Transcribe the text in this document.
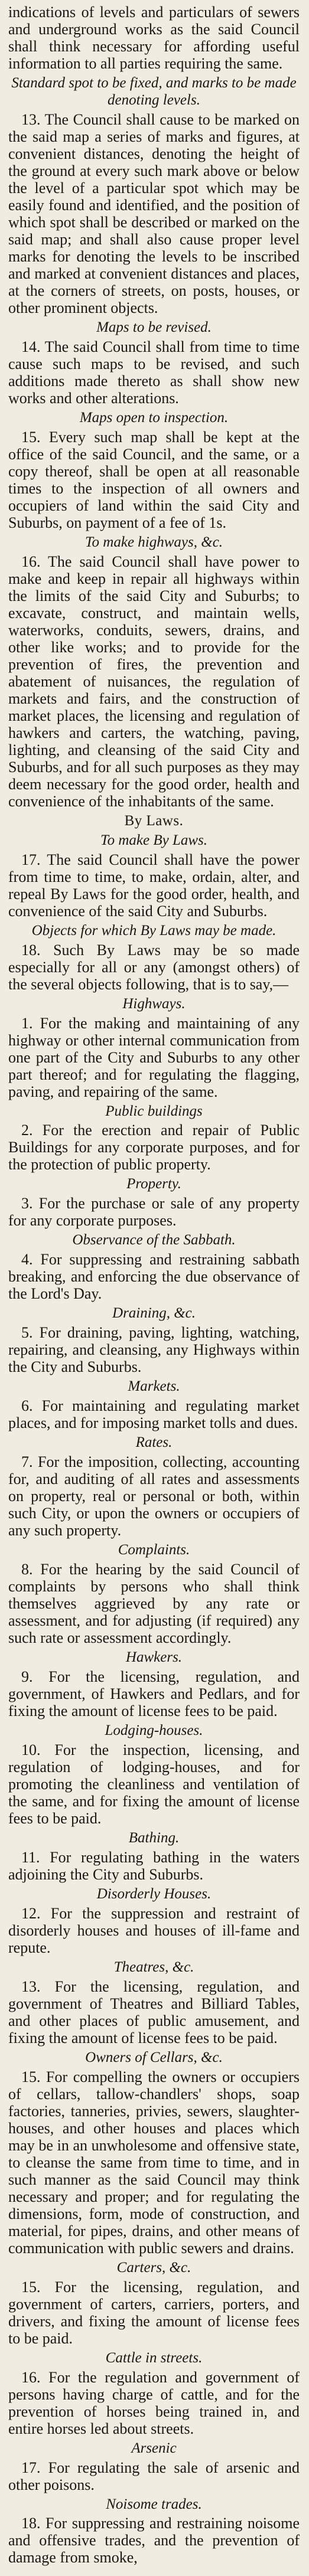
indications of levels and particulars of sewers and underground works as the said Council shall think necessary for affording useful information to all parties requiring the same.

Standard spot to be fixed, and marks to be made denoting levels.

13. The Council shall cause to be marked on the said map a series of marks and figures, at convenient distances, denoting the height of the ground at every such mark above or below the level of a particular spot which may be easily found and identified, and the position of which spot shall be described or marked on the said map; and shall also cause proper level marks for denoting the levels to be inscribed and marked at convenient distances and places, at the corners of streets, on posts, houses, or other prominent objects.

Maps to be revised.

14. The said Council shall from time to time cause such maps to be revised, and such additions made thereto as shall show new works and other alterations.

Maps open to inspection.

15. Every such map shall be kept at the office of the said Council, and the same, or a copy thereof, shall be open at all reasonable times to the inspection of all owners and occupiers of land within the said City and Suburbs, on payment of a fee of 1s.

To make highways, &c.

16. The said Council shall have power to make and keep in repair all highways within the limits of the said City and Suburbs; to excavate, construct, and maintain wells, waterworks, conduits, sewers, drains, and other like works; and to provide for the prevention of fires, the prevention and abatement of nuisances, the regulation of markets and fairs, and the construction of market places, the licensing and regulation of hawkers and carters, the watching, paving, lighting, and cleansing of the said City and Suburbs, and for all such purposes as they may deem necessary for the good order, health and convenience of the inhabitants of the same.

By Laws.

To make By Laws.

17. The said Council shall have the power from time to time, to make, ordain, alter, and repeal By Laws for the good order, health, and convenience of the said City and Suburbs.

Objects for which By Laws may be made.

18. Such By Laws may be so made especially for all or any (amongst others) of the several objects following, that is to say,—

Highways.

1. For the making and maintaining of any highway or other internal communication from one part of the City and Suburbs to any other part thereof; and for regulating the flagging, paving, and repairing of the same.

Public buildings

2. For the erection and repair of Public Buildings for any corporate purposes, and for the protection of public property.

Property.

3. For the purchase or sale of any property for any corporate purposes.

Observance of the Sabbath.

4. For suppressing and restraining sabbath breaking, and enforcing the due observance of the Lord's Day.

Draining, &c.

5. For draining, paving, lighting, watching, repairing, and cleansing, any Highways within the City and Suburbs.

Markets.

6. For maintaining and regulating market places, and for imposing market tolls and dues.

Rates.

7. For the imposition, collecting, accounting for, and auditing of all rates and assessments on property, real or personal or both, within such City, or upon the owners or occupiers of any such property.

Complaints.

8. For the hearing by the said Council of complaints by persons who shall think themselves aggrieved by any rate or assessment, and for adjusting (if required) any such rate or assessment accordingly.

Hawkers.

9. For the licensing, regulation, and government, of Hawkers and Pedlars, and for fixing the amount of license fees to be paid.

Lodging-houses.

10. For the inspection, licensing, and regulation of lodging-houses, and for promoting the cleanliness and ventilation of the same, and for fixing the amount of license fees to be paid.

Bathing.

11. For regulating bathing in the waters adjoining the City and Suburbs.

Disorderly Houses.

12. For the suppression and restraint of disorderly houses and houses of ill-fame and repute.

Theatres, &c.

13. For the licensing, regulation, and government of Theatres and Billiard Tables, and other places of public amusement, and fixing the amount of license fees to be paid.

Owners of Cellars, &c.

15. For compelling the owners or occupiers of cellars, tallow-chandlers' shops, soap factories, tanneries, privies, sewers, slaughter-houses, and other houses and places which may be in an unwholesome and offensive state, to cleanse the same from time to time, and in such manner as the said Council may think necessary and proper; and for regulating the dimensions, form, mode of construction, and material, for pipes, drains, and other means of communication with public sewers and drains.

Carters, &c.

15. For the licensing, regulation, and government of carters, carriers, porters, and drivers, and fixing the amount of license fees to be paid.

Cattle in streets.

16. For the regulation and government of persons having charge of cattle, and for the prevention of horses being trained in, and entire horses led about streets.

Arsenic

17. For regulating the sale of arsenic and other poisons.

Noisome trades.

18. For suppressing and restraining noisome and offensive trades, and the prevention of damage from smoke,
